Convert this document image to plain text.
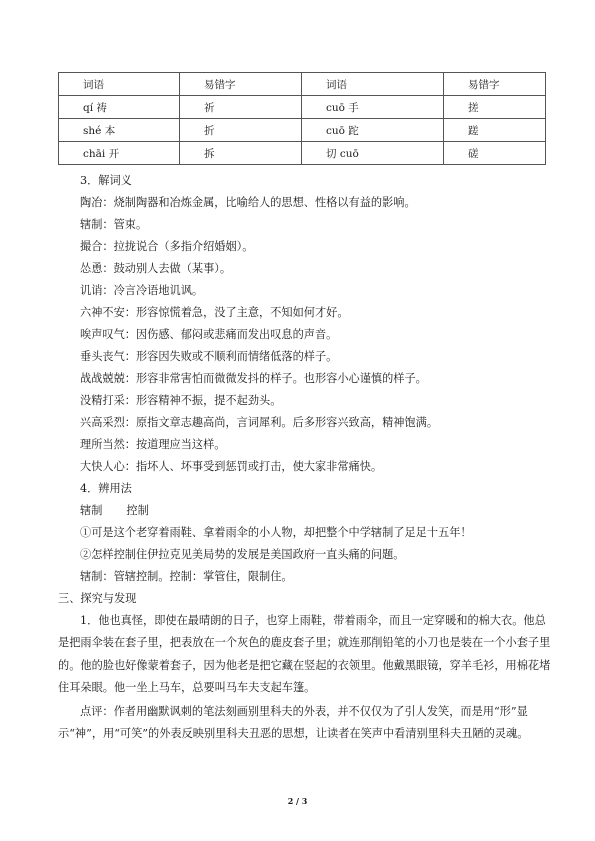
词语	易错字	词语	易错字
qí 祷	祈	cuō 手	搓
shé 本	折	cuō 跎	蹉
chāi 开	拆	切 cuō	磋
3．解词义
陶冶：烧制陶器和冶炼金属，比喻给人的思想、性格以有益的影响。
辖制：管束。
撮合：拉拢说合（多指介绍婚姻）。
怂恿：鼓动别人去做（某事）。
讥诮：冷言冷语地讥讽。
六神不安：形容惊慌着急，没了主意，不知如何才好。
唉声叹气：因伤感、郁闷或悲痛而发出叹息的声音。
垂头丧气：形容因失败或不顺利而情绪低落的样子。
战战兢兢：形容非常害怕而微微发抖的样子。也形容小心谨慎的样子。
没精打采：形容精神不振，提不起劲头。
兴高采烈：原指文章志趣高尚，言词犀利。后多形容兴致高，精神饱满。
理所当然：按道理应当这样。
大快人心：指坏人、坏事受到惩罚或打击，使大家非常痛快。
4．辨用法
辖制 控制
①可是这个老穿着雨鞋、拿着雨伞的小人物，却把整个中学辖制了足足十五年！
②怎样控制住伊拉克见美局势的发展是美国政府一直头痛的问题。
辖制：管辖控制。控制：掌管住，限制住。
三、探究与发现

1．他也真怪，即使在最晴朗的日子，也穿上雨鞋，带着雨伞，而且一定穿暖和的棉大衣。他总是把雨伞装在套子里，把表放在一个灰色的鹿皮套子里；就连那削铅笔的小刀也是装在一个小套子里的。他的脸也好像蒙着套子，因为他老是把它藏在竖起的衣领里。他戴黑眼镜，穿羊毛衫，用棉花堵住耳朵眼。他一坐上马车，总要叫马车夫支起车篷。

点评：作者用幽默讽刺的笔法刻画别里科夫的外表，并不仅仅为了引人发笑，而是用“形”显示“神”，用“可笑”的外表反映别里科夫丑恶的思想，让读者在笑声中看清别里科夫丑陋的灵魂。

2 / 3
